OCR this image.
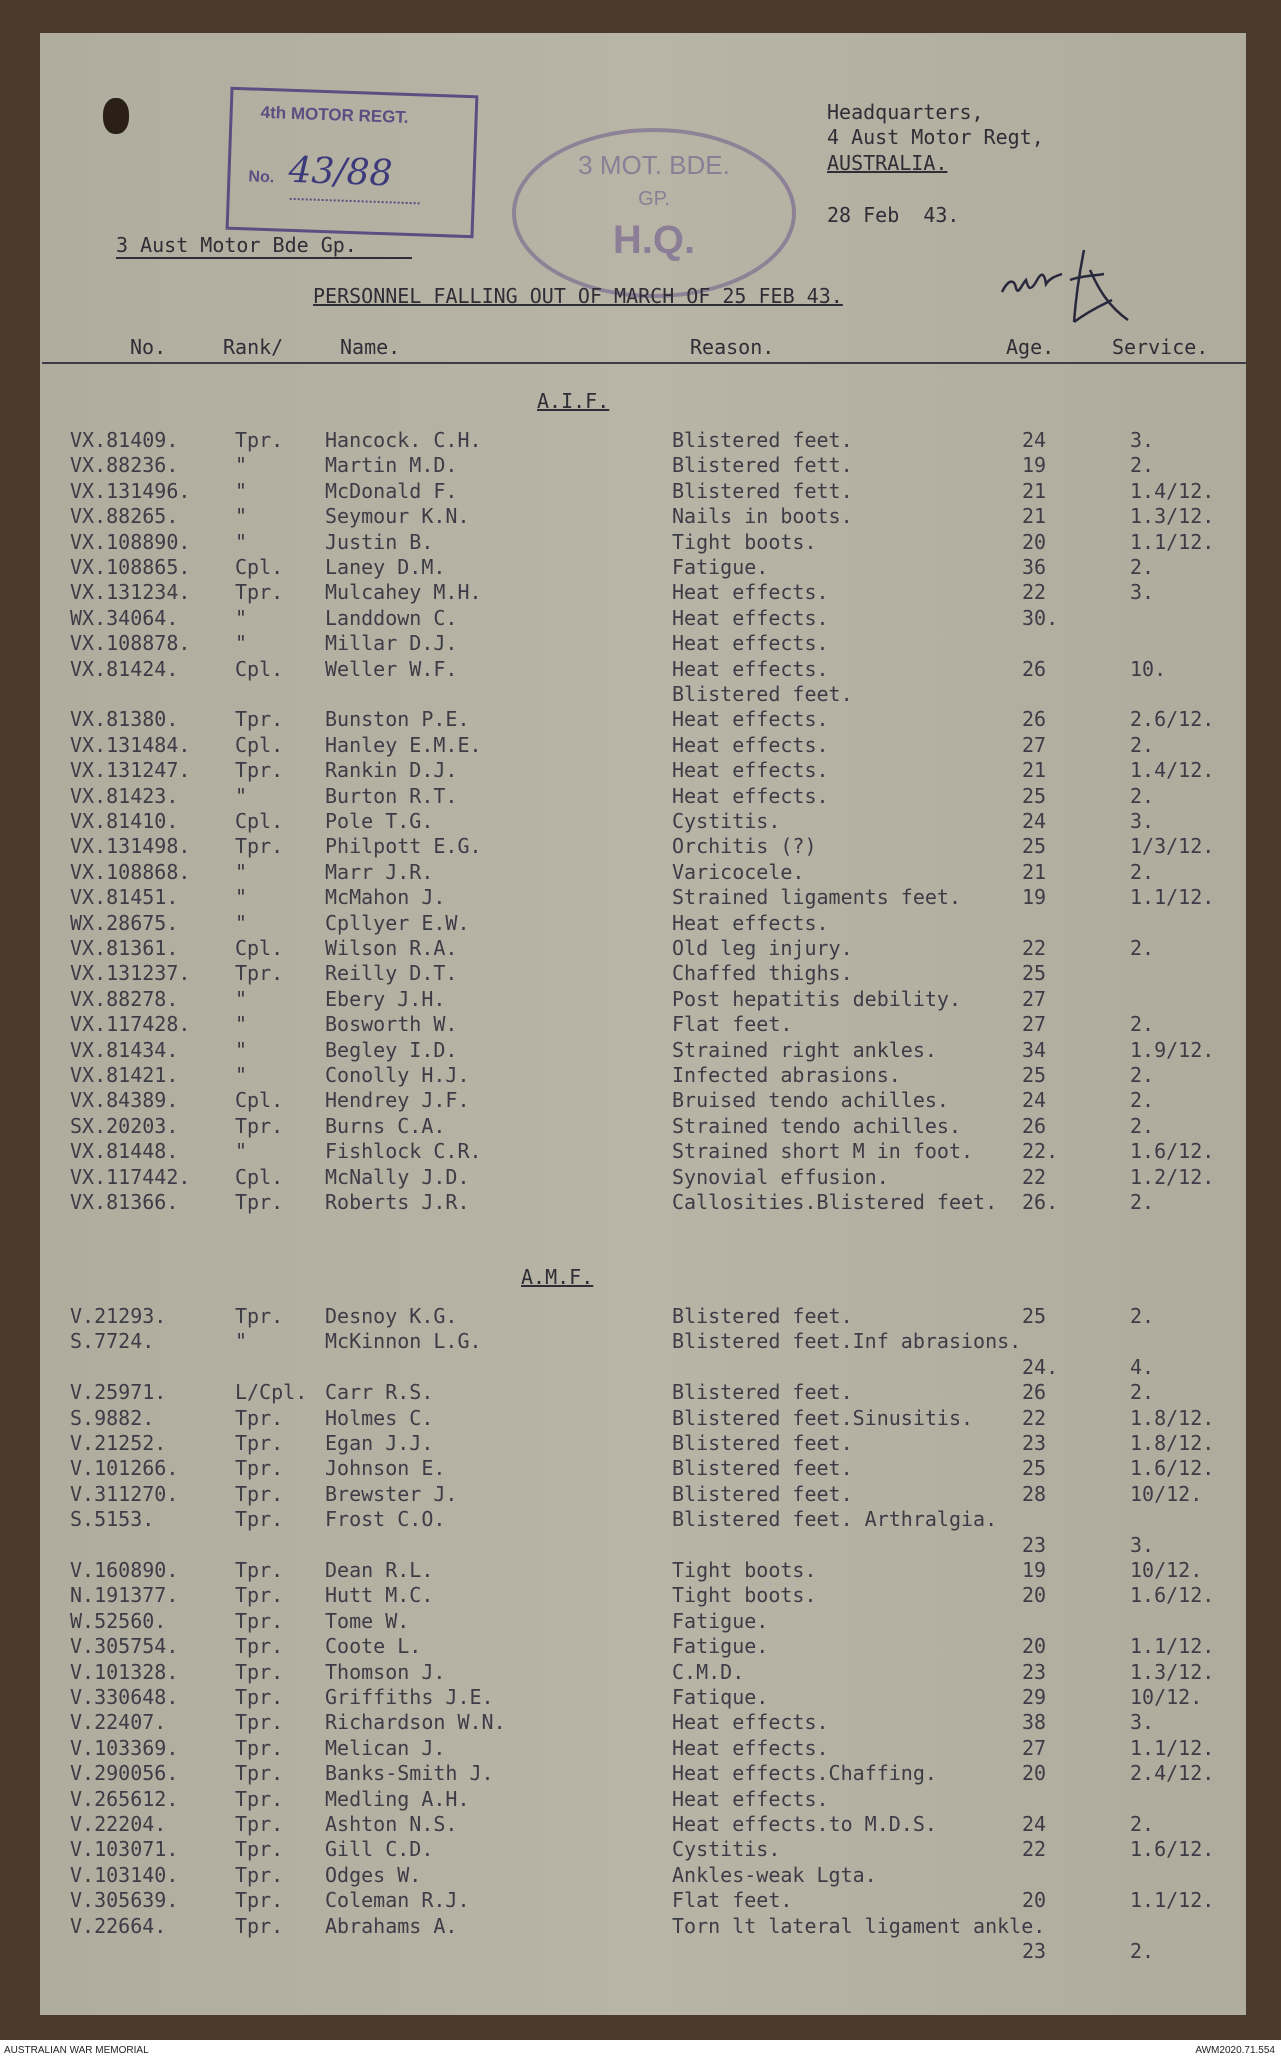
4th MOTOR REGT.
No. 43/88	3 MOT. BDE.
GP.
H.Q.
Headquarters,
4 Aust Motor Regt,
AUSTRALIA.
28 Feb  43.
3 Aust Motor Bde Gp.
PERSONNEL FALLING OUT OF MARCH OF 25 FEB 43.
No.	Rank/	Name.	Reason.	Age.	Service.
A.I.F.
A.M.F.
VX.81409.	Tpr. Hancock. C.H.	Blistered feet.	24	3.
VX.88236.	"	Martin M.D.	Blistered fett.	19	2.
VX.131496. "	McDonald F.	Blistered fett.	21	1.4/12.
VX.88265.	"	Seymour K.N.	Nails in boots.	21	1.3/12.
VX.108890. "	Justin B.	Tight boots.	20	1.1/12.
VX.108865. Cpl. Laney D.M.	Fatigue.	36	2.
VX.131234. Tpr. Mulcahey M.H.	Heat effects.	22	3.
WX.34064.	"	Landdown C.	Heat effects.	30.
VX.108878. "	Millar D.J.	Heat effects.
VX.81424.	Cpl. Weller W.F.	Heat effects.	26	10.
Blistered feet.
VX.81380.	Tpr. Bunston P.E.	Heat effects.	26	2.6/12.
VX.131484. Cpl. Hanley E.M.E.	Heat effects.	27	2.
VX.131247. Tpr. Rankin D.J.	Heat effects.	21	1.4/12.
VX.81423.	"	Burton R.T.	Heat effects.	25	2.
VX.81410.	Cpl. Pole T.G.	Cystitis.	24	3.
VX.131498. Tpr. Philpott E.G.	Orchitis (?)	25	1/3/12.
VX.108868. "	Marr J.R.	Varicocele.	21	2.
VX.81451.	"	McMahon J.	Strained ligaments feet.	19	1.1/12.
WX.28675.	"	Cpllyer E.W.	Heat effects.
VX.81361.	Cpl. Wilson R.A.	Old leg injury.	22	2.
VX.131237. Tpr. Reilly D.T.	Chaffed thighs.	25
VX.88278.	"	Ebery J.H.	Post hepatitis debility.	27
VX.117428. "	Bosworth W.	Flat feet.	27	2.
VX.81434.	"	Begley I.D.	Strained right ankles.	34	1.9/12.
VX.81421.	"	Conolly H.J.	Infected abrasions.	25	2.
VX.84389.	Cpl. Hendrey J.F.	Bruised tendo achilles.	24	2.
SX.20203.	Tpr. Burns C.A.	Strained tendo achilles.	26	2.
VX.81448.	"	Fishlock C.R.	Strained short M in foot. 22.	1.6/12.
VX.117442. Cpl. McNally J.D.	Synovial effusion.	22	1.2/12.
VX.81366.	Tpr. Roberts J.R.	Callosities.Blistered feet. 26.	2.
V.21293.	Tpr. Desnoy K.G.	Blistered feet.	25	2.
S.7724.	"	McKinnon L.G.	Blistered feet.Inf abrasions.
24.	4.
V.25971.	L/Cpl. Carr R.S.	Blistered feet.	26	2.
S.9882.	Tpr. Holmes C.	Blistered feet.Sinusitis. 22	1.8/12.
V.21252.	Tpr. Egan J.J.	Blistered feet.	23	1.8/12.
V.101266.	Tpr. Johnson E.	Blistered feet.	25	1.6/12.
V.311270.	Tpr. Brewster J.	Blistered feet.	28	10/12.
S.5153.	Tpr. Frost C.O.	Blistered feet. Arthralgia.
23	3.
V.160890.	Tpr. Dean R.L.	Tight boots.	19	10/12.
N.191377.	Tpr. Hutt M.C.	Tight boots.	20	1.6/12.
W.52560.	Tpr. Tome W.	Fatigue.
V.305754.	Tpr. Coote L.	Fatigue.	20	1.1/12.
V.101328.	Tpr. Thomson J.	C.M.D.	23	1.3/12.
V.330648.	Tpr. Griffiths J.E.	Fatique.	29	10/12.
V.22407.	Tpr. Richardson W.N.	Heat effects.	38	3.
V.103369.	Tpr. Melican J.	Heat effects.	27	1.1/12.
V.290056.	Tpr. Banks-Smith J.	Heat effects.Chaffing.	20	2.4/12.
V.265612.	Tpr. Medling A.H.	Heat effects.
V.22204.	Tpr. Ashton N.S.	Heat effects.to M.D.S.	24	2.
V.103071.	Tpr. Gill C.D.	Cystitis.	22	1.6/12.
V.103140.	Tpr. Odges W.	Ankles-weak Lgta.
V.305639.	Tpr. Coleman R.J.	Flat feet.	20	1.1/12.
V.22664.	Tpr. Abrahams A.	Torn lt lateral ligament ankle.
23	2.
AUSTRALIAN WAR MEMORIAL	AWM2020.71.554
